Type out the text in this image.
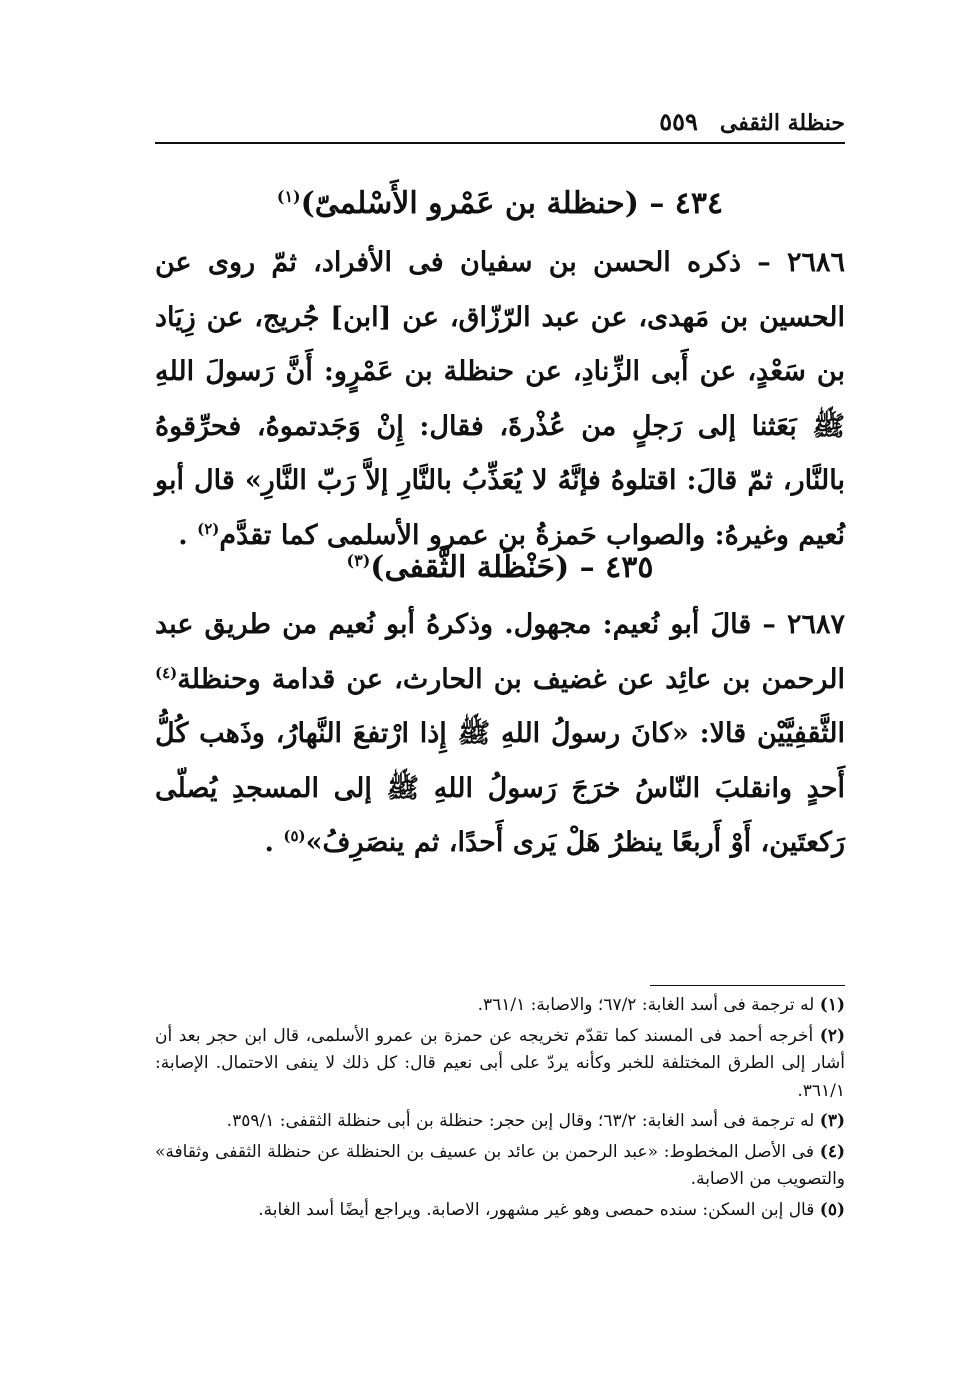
حنظلة الثقفى
٥٥٩
٤٣٤ – (حنظلة بن عَمْرو الأَسْلمىّ)$^{(١)}$
٢٦٨٦ – ذكره الحسن بن سفيان فى الأفراد، ثمّ روى عن الحسين بن مَهدى، عن عبد الرّزّاق، عن [ابن] جُريج، عن زِيَاد بن سَعْدٍ، عن أَبى الزِّنادِ، عن حنظلة بن عَمْرٍو: أَنَّ رَسولَ اللهِ ﷺ بَعَثنا إلى رَجلٍ من عُذْرةَ، فقال: إِنْ وَجَدتموهُ، فحرِّقوهُ بالنَّار، ثمّ قالَ: اقتلوهُ فإنَّهُ لا يُعَذِّبُ بالنَّارِ إلاَّ رَبّ النَّارِ» قال أبو نُعيم وغيرهُ: والصواب حَمزةُ بن عمرو الأسلمى كما تقدَّم$^{(٢)}$ .
٤٣٥ – (حَنْظَلة الثَّقفى)$^{(٣)}$
٢٦٨٧ – قالَ أبو نُعيم: مجهول. وذكرهُ أبو نُعيم من طريق عبد الرحمن بن عائِد عن غضيف بن الحارث، عن قدامة وحنظلة$^{(٤)}$ الثَّقفِيَّيْن قالا: «كانَ رسولُ اللهِ ﷺ إِذا ارْتفعَ النَّهارُ، وذَهب كُلُّ أَحدٍ وانقلبَ النّاسُ خرَجَ رَسولُ اللهِ ﷺ إلى المسجدِ يُصلّى رَكعتَين، أَوْ أَربعًا ينظرُ هَلْ يَرى أَحدًا، ثم ينصَرِفُ»$^{(٥)}$ .

(١) له ترجمة فى أسد الغابة: ٦٧/٢؛ والاصابة: ٣٦١/١.

(٢) أخرجه أحمد فى المسند كما تقدّم تخريجه عن حمزة بن عمرو الأسلمى، قال ابن حجر بعد أن أشار إلى الطرق المختلفة للخبر وكأنه يردّ على أبى نعيم قال: كل ذلك لا ينفى الاحتمال. الإصابة: ٣٦١/١.

(٣) له ترجمة فى أسد الغابة: ٦٣/٢؛ وقال إبن حجر: حنظلة بن أبى حنظلة الثقفى: ٣٥٩/١.

(٤) فى الأصل المخطوط: «عبد الرحمن بن عائد بن عسيف بن الحنظلة عن حنظلة الثقفى وثقافة» والتصويب من الاصابة.

(٥) قال إبن السكن: سنده حمصى وهو غير مشهور، الاصابة. ويراجع أيضًا أسد الغابة.
